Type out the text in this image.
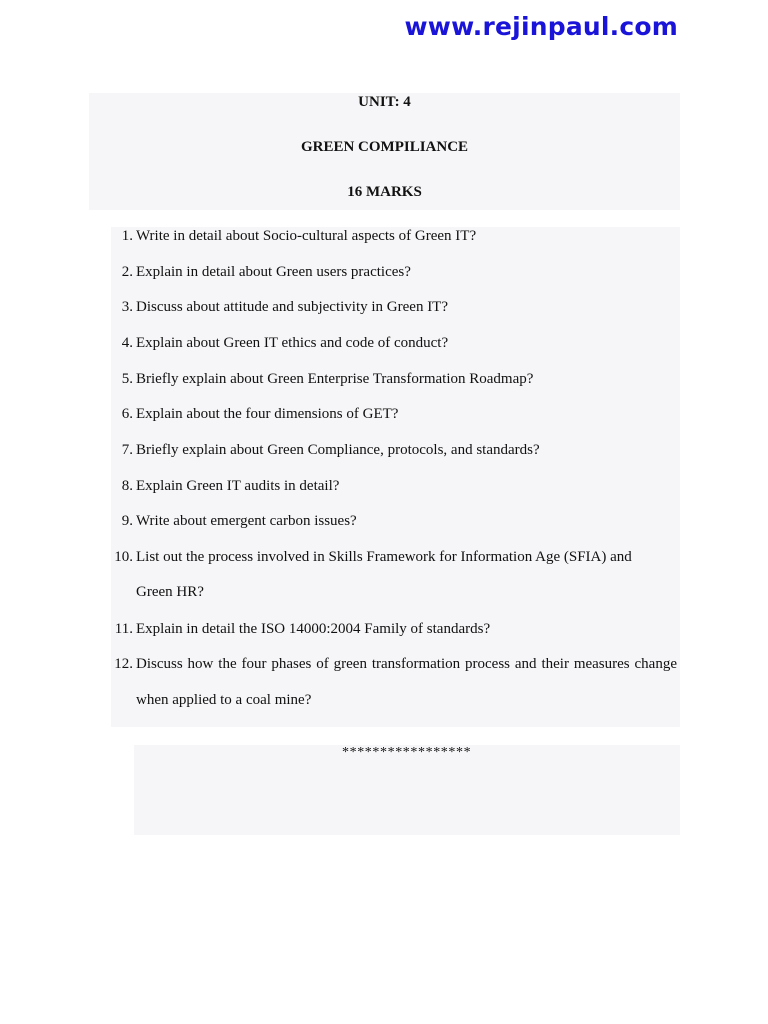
www.rejinpaul.com
UNIT: 4
GREEN COMPILIANCE
16 MARKS
1. Write in detail about Socio-cultural aspects of Green IT?
2. Explain in detail about Green users practices?
3. Discuss about attitude and subjectivity in Green IT?
4. Explain about Green IT ethics and code of conduct?
5. Briefly explain about Green Enterprise Transformation Roadmap?
6. Explain about the four dimensions of GET?
7. Briefly explain about Green Compliance, protocols, and standards?
8. Explain Green IT audits in detail?
9. Write about emergent carbon issues?
10. List out the process involved in Skills Framework for Information Age (SFIA) and
Green HR?
11. Explain in detail the ISO 14000:2004 Family of standards?
12. Discuss how the four phases of green transformation process and their measures change
when applied to a coal mine?
*****************
